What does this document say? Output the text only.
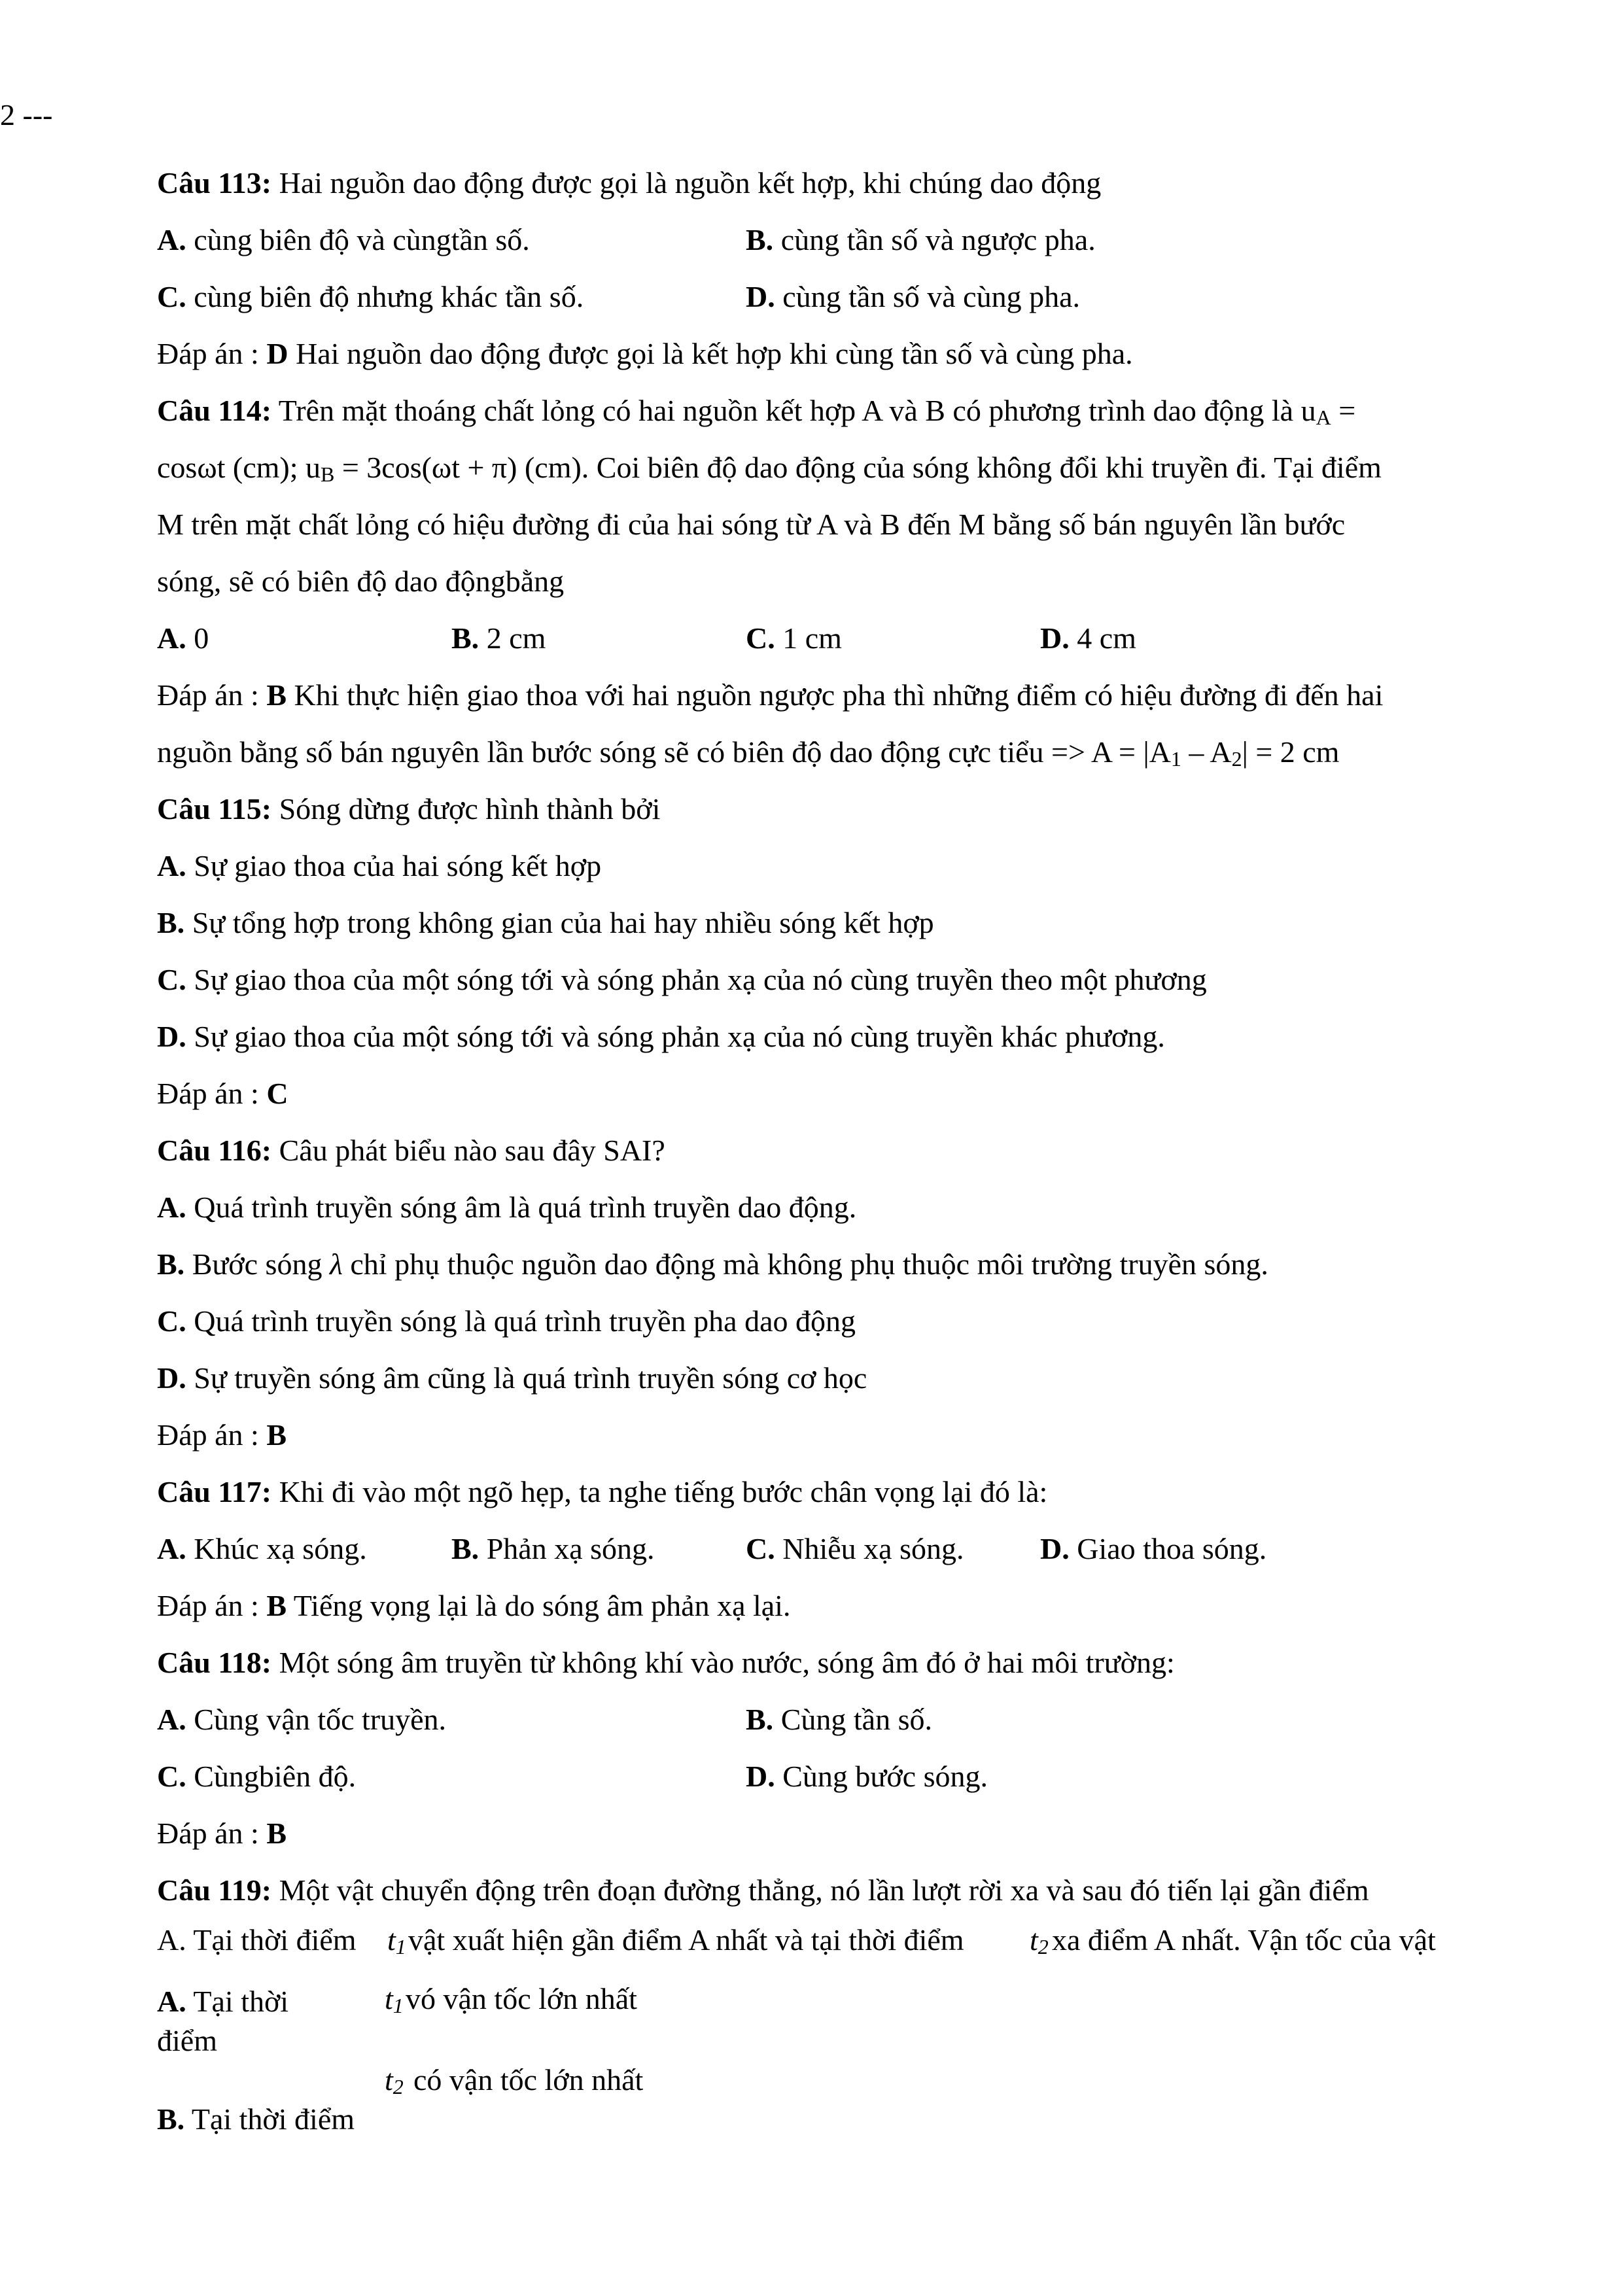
2 ---
Câu 113: Hai nguồn dao động được gọi là nguồn kết hợp, khi chúng dao động
A. cùng biên độ và cùngtần số.	B. cùng tần số và ngược pha.
C. cùng biên độ nhưng khác tần số.	D. cùng tần số và cùng pha.
Đáp án : D Hai nguồn dao động được gọi là kết hợp khi cùng tần số và cùng pha.
Câu 114: Trên mặt thoáng chất lỏng có hai nguồn kết hợp A và B có phương trình dao động là uA =
cosωt (cm); uB = 3cos(ωt + π) (cm). Coi biên độ dao động của sóng không đổi khi truyền đi. Tại điểm
M trên mặt chất lỏng có hiệu đường đi của hai sóng từ A và B đến M bằng số bán nguyên lần bước
sóng, sẽ có biên độ dao độngbằng
A. 0	B. 2 cm	C. 1 cm	D. 4 cm
Đáp án : B Khi thực hiện giao thoa với hai nguồn ngược pha thì những điểm có hiệu đường đi đến hai
nguồn bằng số bán nguyên lần bước sóng sẽ có biên độ dao động cực tiểu => A = |A1 – A2| = 2 cm
Câu 115: Sóng dừng được hình thành bởi
A. Sự giao thoa của hai sóng kết hợp
B. Sự tổng hợp trong không gian của hai hay nhiều sóng kết hợp
C. Sự giao thoa của một sóng tới và sóng phản xạ của nó cùng truyền theo một phương
D. Sự giao thoa của một sóng tới và sóng phản xạ của nó cùng truyền khác phương.
Đáp án : C
Câu 116: Câu phát biểu nào sau đây SAI?
A. Quá trình truyền sóng âm là quá trình truyền dao động.
B. Bước sóng λ chỉ phụ thuộc nguồn dao động mà không phụ thuộc môi trường truyền sóng.
C. Quá trình truyền sóng là quá trình truyền pha dao động
D. Sự truyền sóng âm cũng là quá trình truyền sóng cơ học
Đáp án : B
Câu 117: Khi đi vào một ngõ hẹp, ta nghe tiếng bước chân vọng lại đó là:
A. Khúc xạ sóng.	B. Phản xạ sóng.	C. Nhiễu xạ sóng.	D. Giao thoa sóng.
Đáp án : B Tiếng vọng lại là do sóng âm phản xạ lại.
Câu 118: Một sóng âm truyền từ không khí vào nước, sóng âm đó ở hai môi trường:
A. Cùng vận tốc truyền.	B. Cùng tần số.
C. Cùngbiên độ.	D. Cùng bước sóng.
Đáp án : B
Câu 119: Một vật chuyển động trên đoạn đường thẳng, nó lần lượt rời xa và sau đó tiến lại gần điểm
A. Tại thời điểm t1 vật xuất hiện gần điểm A nhất và tại thời điểm t2 xa điểm A nhất. Vận tốc của vật
A. Tại thời
điểm
t1 vó vận tốc lớn nhất
t2 có vận tốc lớn nhất
B. Tại thời điểm
